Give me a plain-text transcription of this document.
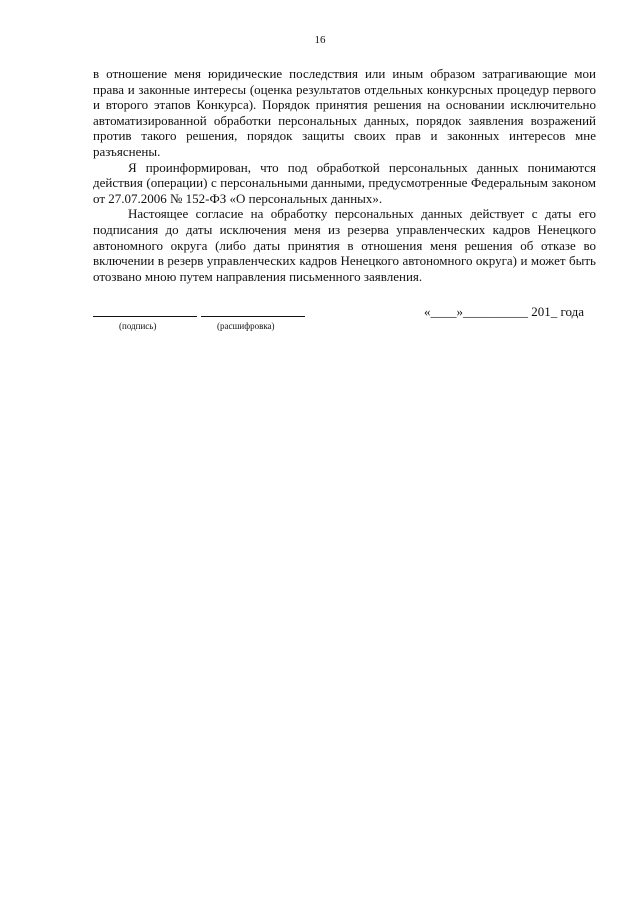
16

в отношение меня юридические последствия или иным образом затрагивающие мои права и законные интересы (оценка результатов отдельных конкурсных процедур первого и второго этапов Конкурса). Порядок принятия решения на основании исключительно автоматизированной обработки персональных данных, порядок заявления возражений против такого решения, порядок защиты своих прав и законных интересов мне разъяснены.

Я проинформирован, что под обработкой персональных данных понимаются действия (операции) с персональными данными, предусмотренные Федеральным законом от 27.07.2006 № 152-ФЗ «О персональных данных».

Настоящее согласие на обработку персональных данных действует с даты его подписания до даты исключения меня из резерва управленческих кадров Ненецкого автономного округа (либо даты принятия в отношения меня решения об отказе во включении в резерв управленческих кадров Ненецкого автономного округа) и может быть отозвано мною путем направления письменного заявления.

(подпись)	(расшифровка)
«____»__________ 201_ года
